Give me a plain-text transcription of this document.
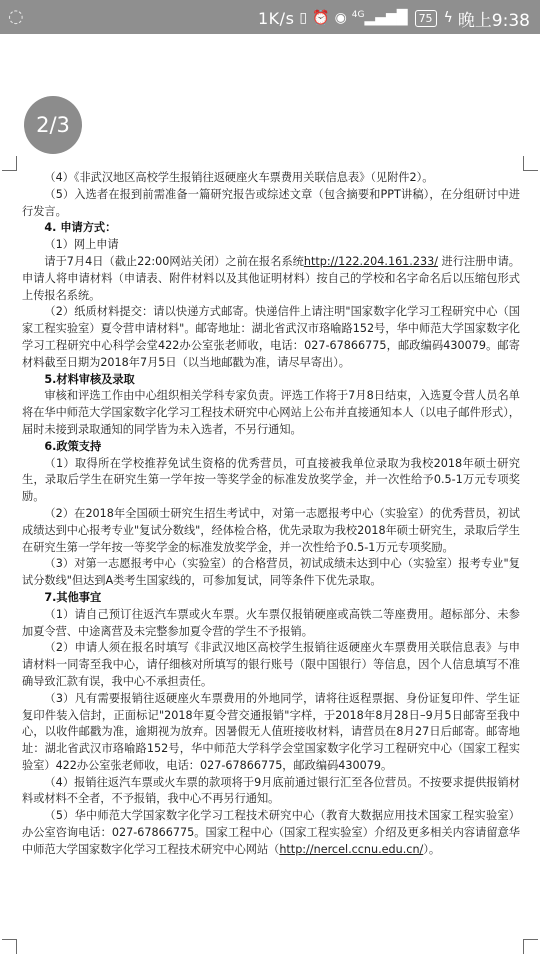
◌	1K/s ▯ ⏰ ◉ $^{4G}$▂▄▆█	75 ϟ 晚上9:38
2/3

（4）《非武汉地区高校学生报销往返硬座火车票费用关联信息表》（见附件2）。

（5）入选者在报到前需准备一篇研究报告或综述文章（包含摘要和PPT讲稿），在分组研讨中进行发言。

4. 申请方式：

（1）网上申请

请于7月4日（截止22:00网站关闭）之前在报名系统http://122.204.161.233/ 进行注册申请。申请人将申请材料（申请表、附件材料以及其他证明材料）按自己的学校和名字命名后以压缩包形式上传报名系统。

（2）纸质材料提交：请以快递方式邮寄。快递信件上请注明"国家数字化学习工程研究中心（国家工程实验室）夏令营申请材料"。邮寄地址：湖北省武汉市珞喻路152号，华中师范大学国家数字化学习工程研究中心科学会堂422办公室张老师收，电话：027-67866775，邮政编码430079。邮寄材料截至日期为2018年7月5日（以当地邮戳为准，请尽早寄出）。

5.材料审核及录取

审核和评选工作由中心组织相关学科专家负责。评选工作将于7月8日结束，入选夏令营人员名单将在华中师范大学国家数字化学习工程技术研究中心网站上公布并直接通知本人（以电子邮件形式），届时未接到录取通知的同学皆为未入选者，不另行通知。

6.政策支持

（1）取得所在学校推荐免试生资格的优秀营员，可直接被我单位录取为我校2018年硕士研究生，录取后学生在研究生第一学年按一等奖学金的标准发放奖学金，并一次性给予0.5-1万元专项奖励。

（2）在2018年全国硕士研究生招生考试中，对第一志愿报考中心（实验室）的优秀营员，初试成绩达到中心报考专业"复试分数线"，经体检合格，优先录取为我校2018年硕士研究生，录取后学生在研究生第一学年按一等奖学金的标准发放奖学金，并一次性给予0.5-1万元专项奖励。

（3）对第一志愿报考中心（实验室）的合格营员，初试成绩未达到中心（实验室）报考专业"复试分数线"但达到A类考生国家线的，可参加复试，同等条件下优先录取。

7.其他事宜

（1）请自己预订往返汽车票或火车票。火车票仅报销硬座或高铁二等座费用。超标部分、未参加夏令营、中途离营及未完整参加夏令营的学生不予报销。

（2）申请人须在报名时填写《非武汉地区高校学生报销往返硬座火车票费用关联信息表》与申请材料一同寄至我中心，请仔细核对所填写的银行账号（限中国银行）等信息，因个人信息填写不准确导致汇款有误，我中心不承担责任。

（3）凡有需要报销往返硬座火车票费用的外地同学，请将往返程票据、身份证复印件、学生证复印件装入信封，正面标记"2018年夏令营交通报销"字样，于2018年8月28日–9月5日邮寄至我中心，以收件邮戳为准，逾期视为放弃。因暑假无人值班接收材料，请营员在8月27日后邮寄。邮寄地址：湖北省武汉市珞喻路152号，华中师范大学科学会堂国家数字化学习工程研究中心（国家工程实验室）422办公室张老师收，电话：027-67866775，邮政编码430079。

（4）报销往返汽车票或火车票的款项将于9月底前通过银行汇至各位营员。不按要求提供报销材料或材料不全者，不予报销，我中心不再另行通知。

（5）华中师范大学国家数字化学习工程技术研究中心（教育大数据应用技术国家工程实验室）办公室咨询电话：027-67866775。国家工程中心（国家工程实验室）介绍及更多相关内容请留意华中师范大学国家数字化学习工程技术研究中心网站（http://nercel.ccnu.edu.cn/）。
